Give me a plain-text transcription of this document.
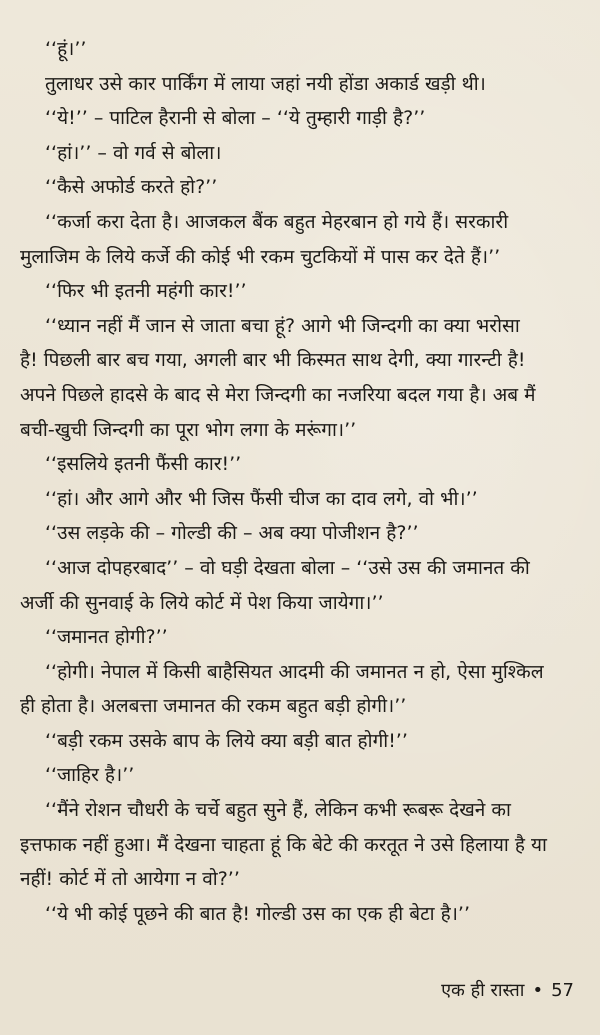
‘‘हूं।’’
तुलाधर उसे कार पार्किंग में लाया जहां नयी होंडा अकार्ड खड़ी थी।
‘‘ये!’’ – पाटिल हैरानी से बोला – ‘‘ये तुम्हारी गाड़ी है?’’
‘‘हां।’’ – वो गर्व से बोला।
‘‘कैसे अफोर्ड करते हो?’’
‘‘कर्जा करा देता है। आजकल बैंक बहुत मेहरबान हो गये हैं। सरकारी
मुलाजिम के लिये कर्जे की कोई भी रकम चुटकियों में पास कर देते हैं।’’
‘‘फिर भी इतनी महंगी कार!’’
‘‘ध्यान नहीं मैं जान से जाता बचा हूं? आगे भी जिन्दगी का क्या भरोसा
है! पिछली बार बच गया, अगली बार भी किस्मत साथ देगी, क्या गारन्टी है!
अपने पिछले हादसे के बाद से मेरा जिन्दगी का नजरिया बदल गया है। अब मैं
बची-खुची जिन्दगी का पूरा भोग लगा के मरूंगा।’’
‘‘इसलिये इतनी फैंसी कार!’’
‘‘हां। और आगे और भी जिस फैंसी चीज का दाव लगे, वो भी।’’
‘‘उस लड़के की – गोल्डी की – अब क्या पोजीशन है?’’
‘‘आज दोपहरबाद’’ – वो घड़ी देखता बोला – ‘‘उसे उस की जमानत की
अर्जी की सुनवाई के लिये कोर्ट में पेश किया जायेगा।’’
‘‘जमानत होगी?’’
‘‘होगी। नेपाल में किसी बाहैसियत आदमी की जमानत न हो, ऐसा मुश्किल
ही होता है। अलबत्ता जमानत की रकम बहुत बड़ी होगी।’’
‘‘बड़ी रकम उसके बाप के लिये क्या बड़ी बात होगी!’’
‘‘जाहिर है।’’
‘‘मैंने रोशन चौधरी के चर्चे बहुत सुने हैं, लेकिन कभी रूबरू देखने का
इत्तफाक नहीं हुआ। मैं देखना चाहता हूं कि बेटे की करतूत ने उसे हिलाया है या
नहीं! कोर्ट में तो आयेगा न वो?’’
‘‘ये भी कोई पूछने की बात है! गोल्डी उस का एक ही बेटा है।’’
एक ही रास्ता • 57
